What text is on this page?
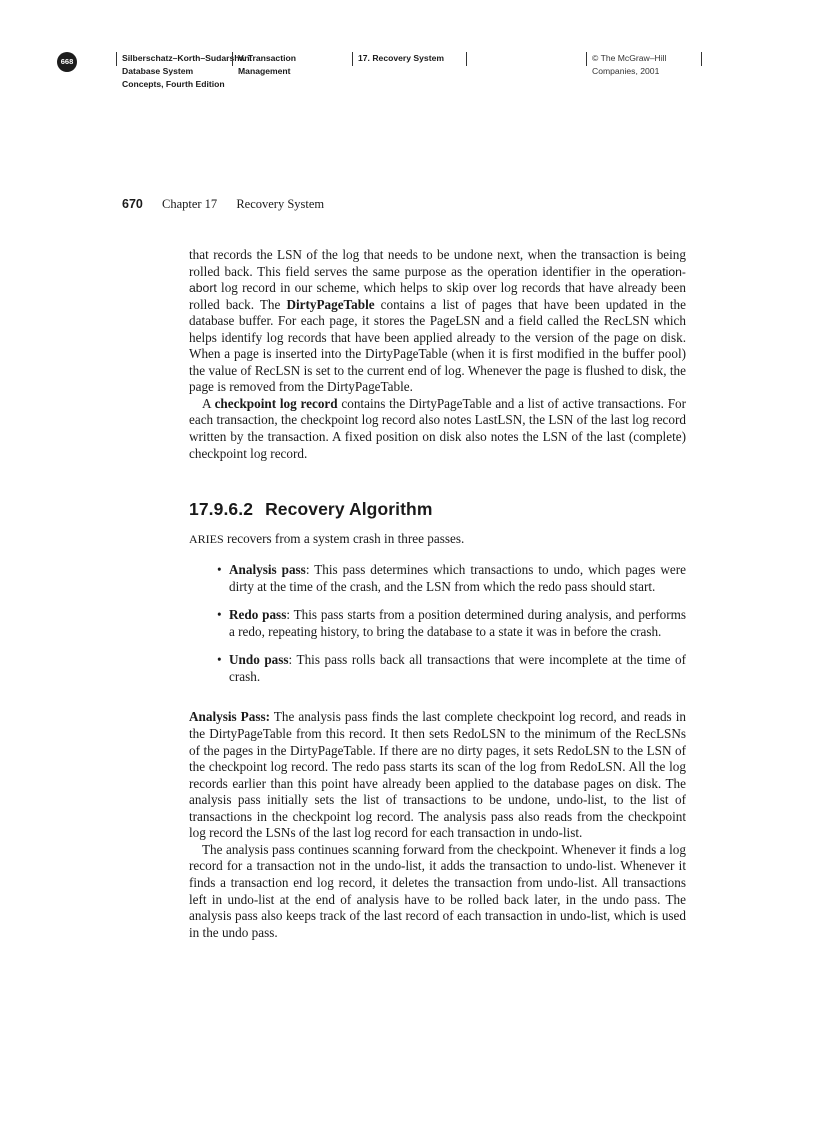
668	Silberschatz–Korth–Sudarshan:
Database System
Concepts, Fourth Edition
V. Transaction
Management
17. Recovery System	© The McGraw–Hill
Companies, 2001
670 Chapter 17 Recovery System

that records the LSN of the log that needs to be undone next, when the transaction is being rolled back. This field serves the same purpose as the operation identifier in the operation-abort log record in our scheme, which helps to skip over log records that have already been rolled back. The DirtyPageTable contains a list of pages that have been updated in the database buffer. For each page, it stores the PageLSN and a field called the RecLSN which helps identify log records that have been applied already to the version of the page on disk. When a page is inserted into the DirtyPageTable (when it is first modified in the buffer pool) the value of RecLSN is set to the current end of log. Whenever the page is flushed to disk, the page is removed from the DirtyPageTable.

A checkpoint log record contains the DirtyPageTable and a list of active transactions. For each transaction, the checkpoint log record also notes LastLSN, the LSN of the last log record written by the transaction. A fixed position on disk also notes the LSN of the last (complete) checkpoint log record.

17.9.6.2 Recovery Algorithm

ARIES recovers from a system crash in three passes.

• Analysis pass: This pass determines which transactions to undo, which pages were dirty at the time of the crash, and the LSN from which the redo pass should start.
• Redo pass: This pass starts from a position determined during analysis, and performs a redo, repeating history, to bring the database to a state it was in before the crash.
• Undo pass: This pass rolls back all transactions that were incomplete at the time of crash.

Analysis Pass: The analysis pass finds the last complete checkpoint log record, and reads in the DirtyPageTable from this record. It then sets RedoLSN to the minimum of the RecLSNs of the pages in the DirtyPageTable. If there are no dirty pages, it sets RedoLSN to the LSN of the checkpoint log record. The redo pass starts its scan of the log from RedoLSN. All the log records earlier than this point have already been applied to the database pages on disk. The analysis pass initially sets the list of transactions to be undone, undo-list, to the list of transactions in the checkpoint log record. The analysis pass also reads from the checkpoint log record the LSNs of the last log record for each transaction in undo-list.

The analysis pass continues scanning forward from the checkpoint. Whenever it finds a log record for a transaction not in the undo-list, it adds the transaction to undo-list. Whenever it finds a transaction end log record, it deletes the transaction from undo-list. All transactions left in undo-list at the end of analysis have to be rolled back later, in the undo pass. The analysis pass also keeps track of the last record of each transaction in undo-list, which is used in the undo pass.
